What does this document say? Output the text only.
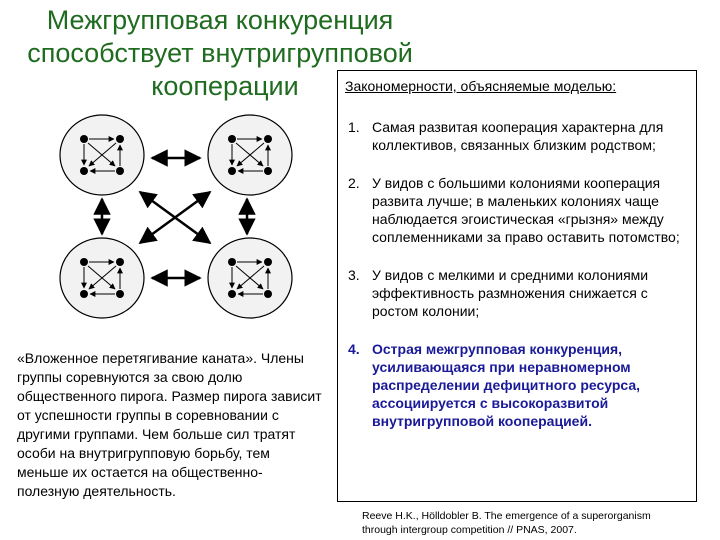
Межгрупповая конкуренция
способствует внутригрупповой
кооперации	Закономерности, объясняемые моделью:
1. Самая развитая кооперация характерна для коллективов, связанных близким родством;
2. У видов с большими колониями кооперация развита лучше; в маленьких колониях чаще наблюдается эгоистическая «грызня» между соплеменниками за право оставить потомство;
3. У видов с мелкими и средними колониями эффективность размножения снижается с ростом колонии;
4. Острая межгрупповая конкуренция, усиливающаяся при неравномерном распределении дефицитного ресурса, ассоциируется с высокоразвитой внутригрупповой кооперацией.
«Вложенное перетягивание каната». Члены группы соревнуются за свою долю общественного пирога. Размер пирога зависит от успешности группы в соревновании с другими группами. Чем больше сил тратят особи на внутригрупповую борьбу, тем меньше их остается на общественно-полезную деятельность.
Reeve H.K., Hölldobler B. The emergence of a superorganism
through intergroup competition // PNAS, 2007.
